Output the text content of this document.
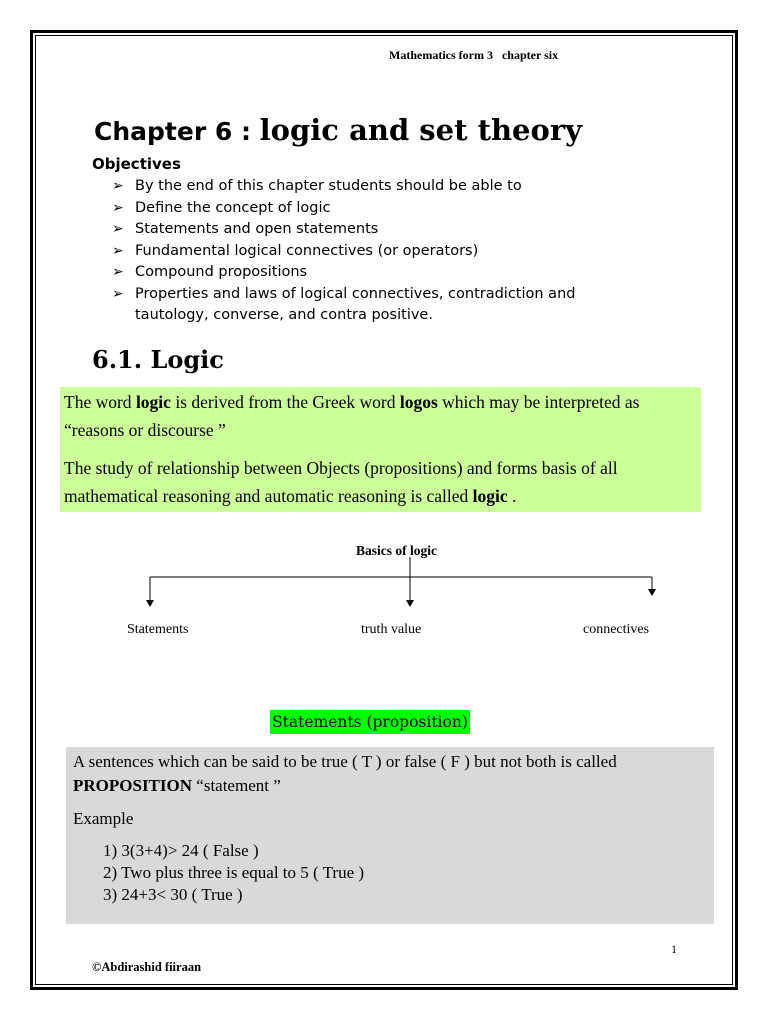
Mathematics form 3   chapter six
Chapter 6 : logic and set theory
Objectives
➢ By the end of this chapter students should be able to
➢ Define the concept of logic
➢ Statements and open statements
➢ Fundamental logical connectives (or operators)
➢ Compound propositions
➢ Properties and laws of logical connectives, contradiction and tautology, converse, and contra positive.
6.1. Logic

The word logic is derived from the Greek word logos which may be interpreted as “reasons or discourse ”

The study of relationship between Objects (propositions) and forms basis of all mathematical reasoning and automatic reasoning is called logic .

Basics of logic
Statements	truth value	connectives
Statements (proposition)

A sentences which can be said to be true ( T ) or false ( F ) but not both is called PROPOSITION “statement ”

Example

1) 3(3+4)> 24 ( False )
2) Two plus three is equal to 5 ( True )
3) 24+3< 30 ( True )
1
©Abdirashid fiiraan
